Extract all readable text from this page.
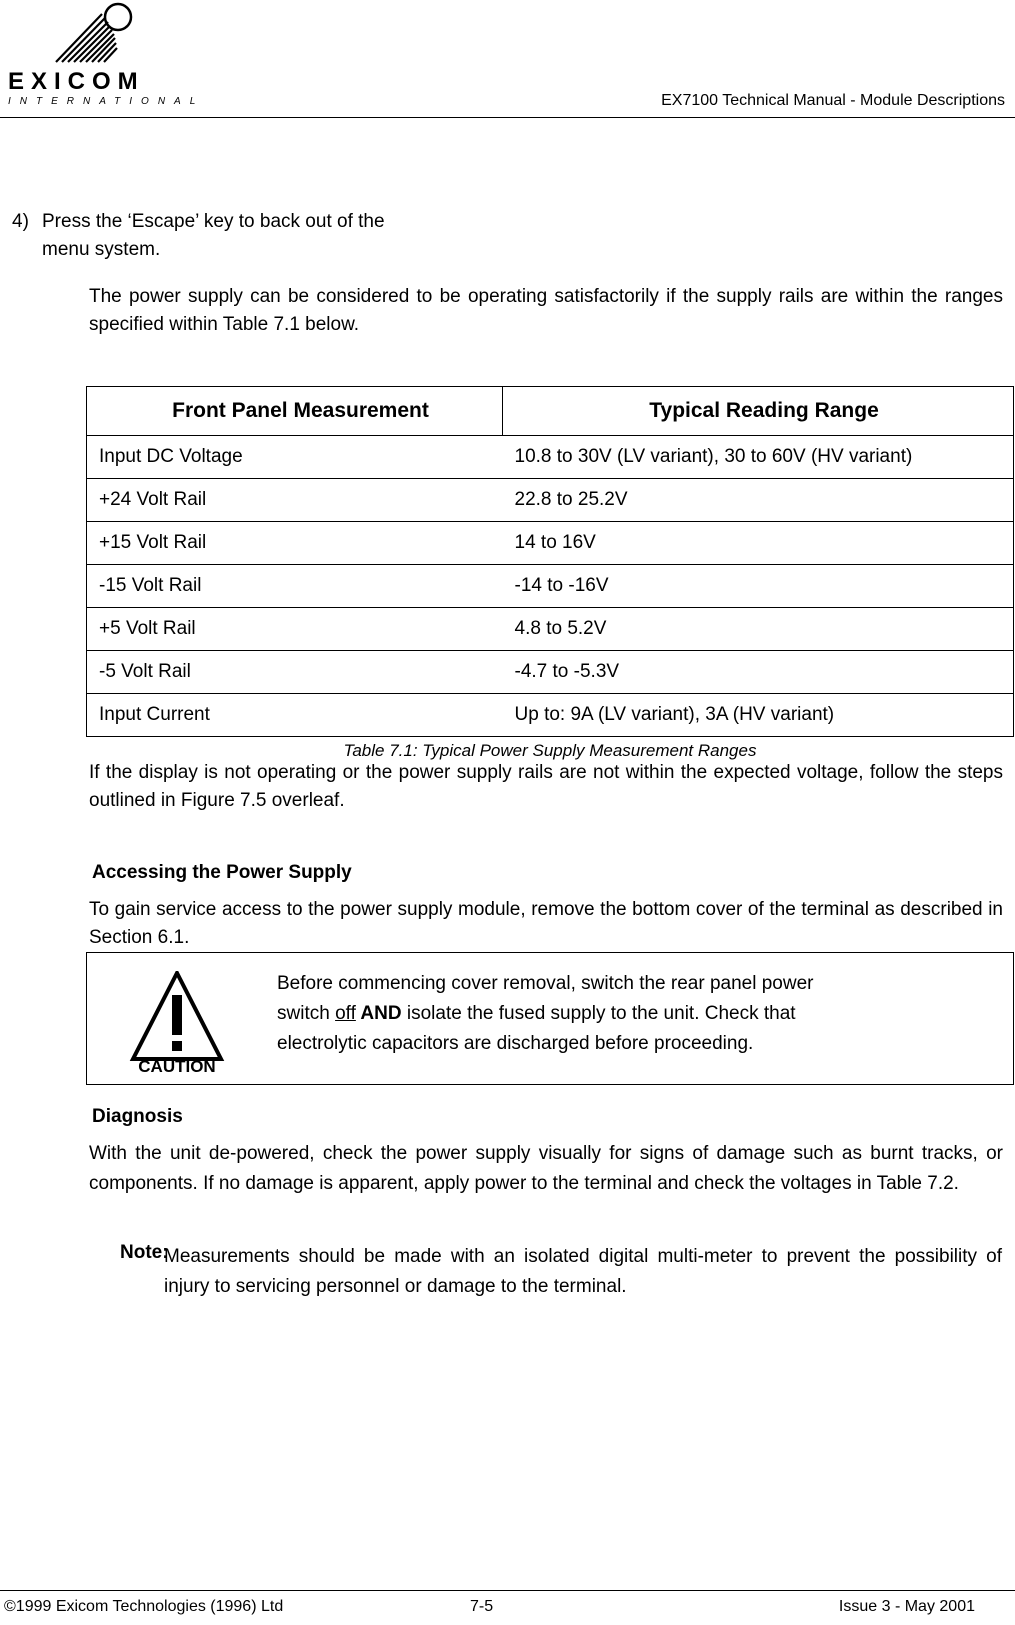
EXICOM
INTERNATIONAL	EX7100 Technical Manual - Module Descriptions
4) Press the ‘Escape’ key to back out of the
menu system.
The power supply can be considered to be operating satisfactorily if the supply rails are within the ranges specified within Table 7.1 below.
Front Panel Measurement	Typical Reading Range
Input DC Voltage	10.8 to 30V (LV variant), 30 to 60V (HV variant)
+24 Volt Rail	22.8 to 25.2V
+15 Volt Rail	14 to 16V
-15 Volt Rail	-14 to -16V
+5 Volt Rail	4.8 to 5.2V
-5 Volt Rail	-4.7 to -5.3V
Input Current	Up to: 9A (LV variant), 3A (HV variant)
Table 7.1: Typical Power Supply Measurement Ranges
If the display is not operating or the power supply rails are not within the expected voltage, follow the steps outlined in Figure 7.5 overleaf.
Accessing the Power Supply
To gain service access to the power supply module, remove the bottom cover of the terminal as described in Section 6.1.
CAUTION
Before commencing cover removal, switch the rear panel power
switch off AND isolate the fused supply to the unit. Check that
electrolytic capacitors are discharged before proceeding.
Diagnosis
With the unit de-powered, check the power supply visually for signs of damage such as burnt tracks, or components. If no damage is apparent, apply power to the terminal and check the voltages in Table 7.2.
Note:
Measurements should be made with an isolated digital multi-meter to prevent the possibility of injury to servicing personnel or damage to the terminal.
©1999 Exicom Technologies (1996) Ltd	7-5	Issue 3 - May 2001
